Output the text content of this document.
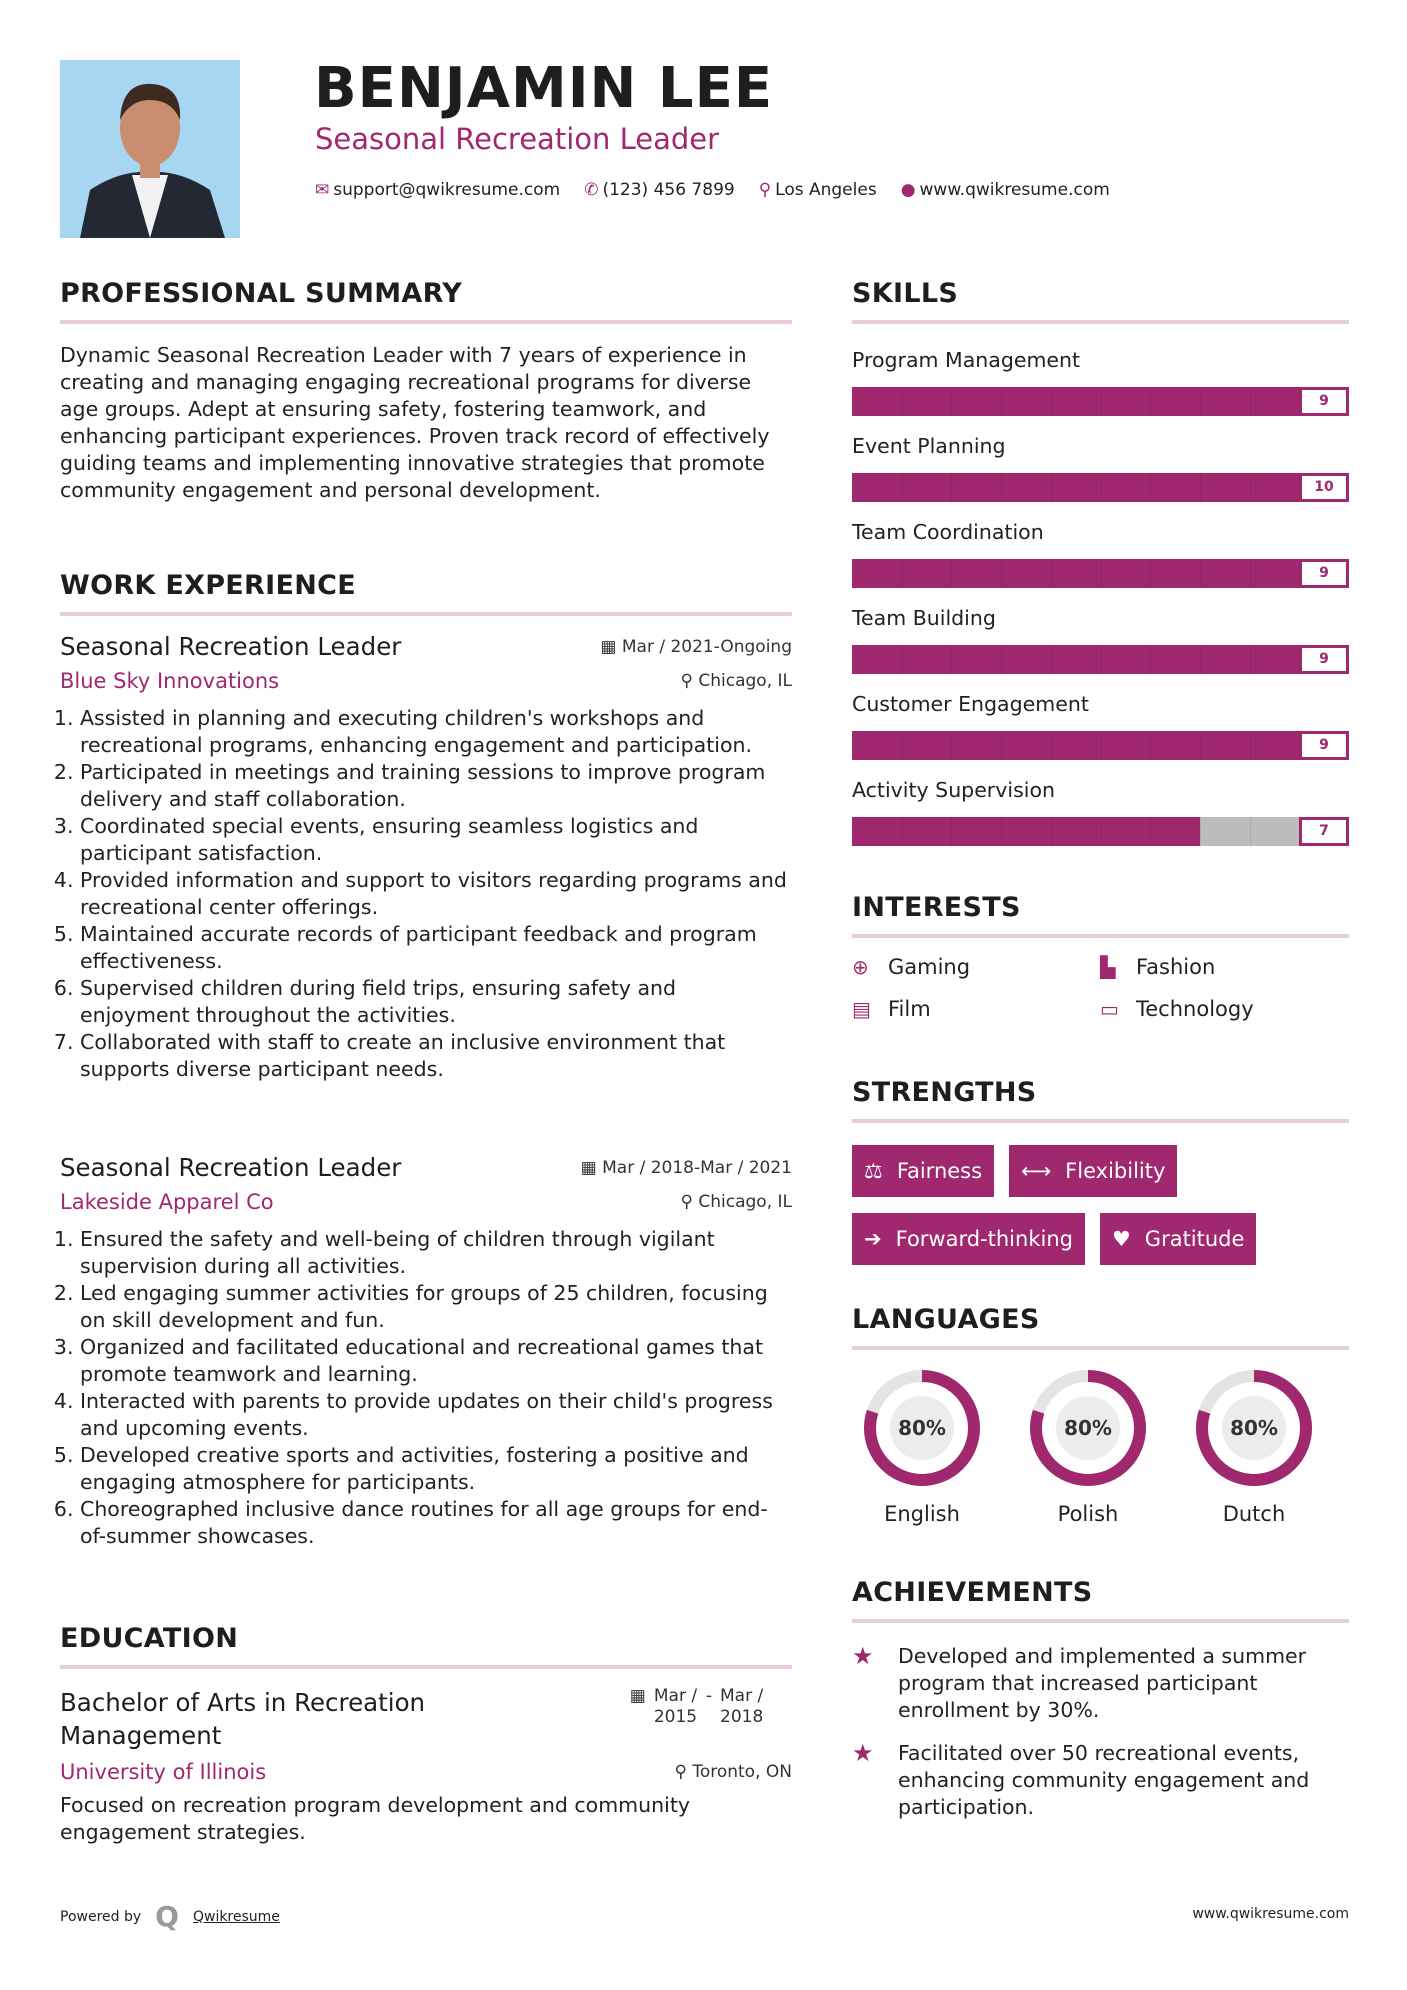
BENJAMIN LEE
Seasonal Recreation Leader
✉ support@qwikresume.com ✆ (123) 456 7899 ⚲ Los Angeles ● www.qwikresume.com
PROFESSIONAL SUMMARY
Dynamic Seasonal Recreation Leader with 7 years of experience in creating and managing engaging recreational programs for diverse age groups. Adept at ensuring safety, fostering teamwork, and enhancing participant experiences. Proven track record of effectively guiding teams and implementing innovative strategies that promote community engagement and personal development.
WORK EXPERIENCE
Seasonal Recreation Leader	▦ Mar / 2021-Ongoing
Blue Sky Innovations	⚲ Chicago, IL
1. Assisted in planning and executing children's workshops and recreational programs, enhancing engagement and participation.
2. Participated in meetings and training sessions to improve program delivery and staff collaboration.
3. Coordinated special events, ensuring seamless logistics and participant satisfaction.
4. Provided information and support to visitors regarding programs and recreational center offerings.
5. Maintained accurate records of participant feedback and program effectiveness.
6. Supervised children during field trips, ensuring safety and enjoyment throughout the activities.
7. Collaborated with staff to create an inclusive environment that supports diverse participant needs.
Seasonal Recreation Leader	▦ Mar / 2018-Mar / 2021
Lakeside Apparel Co	⚲ Chicago, IL
1. Ensured the safety and well-being of children through vigilant supervision during all activities.
2. Led engaging summer activities for groups of 25 children, focusing on skill development and fun.
3. Organized and facilitated educational and recreational games that promote teamwork and learning.
4. Interacted with parents to provide updates on their child's progress and upcoming events.
5. Developed creative sports and activities, fostering a positive and engaging atmosphere for participants.
6. Choreographed inclusive dance routines for all age groups for end-of-summer showcases.
EDUCATION
Bachelor of Arts in Recreation Management
▦ Mar / 2015
- Mar / 2018
University of Illinois	⚲ Toronto, ON
Focused on recreation program development and community engagement strategies.
Powered by Q Qwikresume	www.qwikresume.com
SKILLS
Program Management
9
Event Planning
10
Team Coordination
9
Team Building
9
Customer Engagement
9
Activity Supervision
7
INTERESTS
⊕ Gaming	▙ Fashion
▤ Film	▭ Technology
STRENGTHS
⚖ Fairness ⟷ Flexibility
➔ Forward-thinking ♥ Gratitude
LANGUAGES
80%
English
80%
Polish
80%
Dutch
ACHIEVEMENTS
★	Developed and implemented a summer program that increased participant enrollment by 30%.
★	Facilitated over 50 recreational events, enhancing community engagement and participation.
